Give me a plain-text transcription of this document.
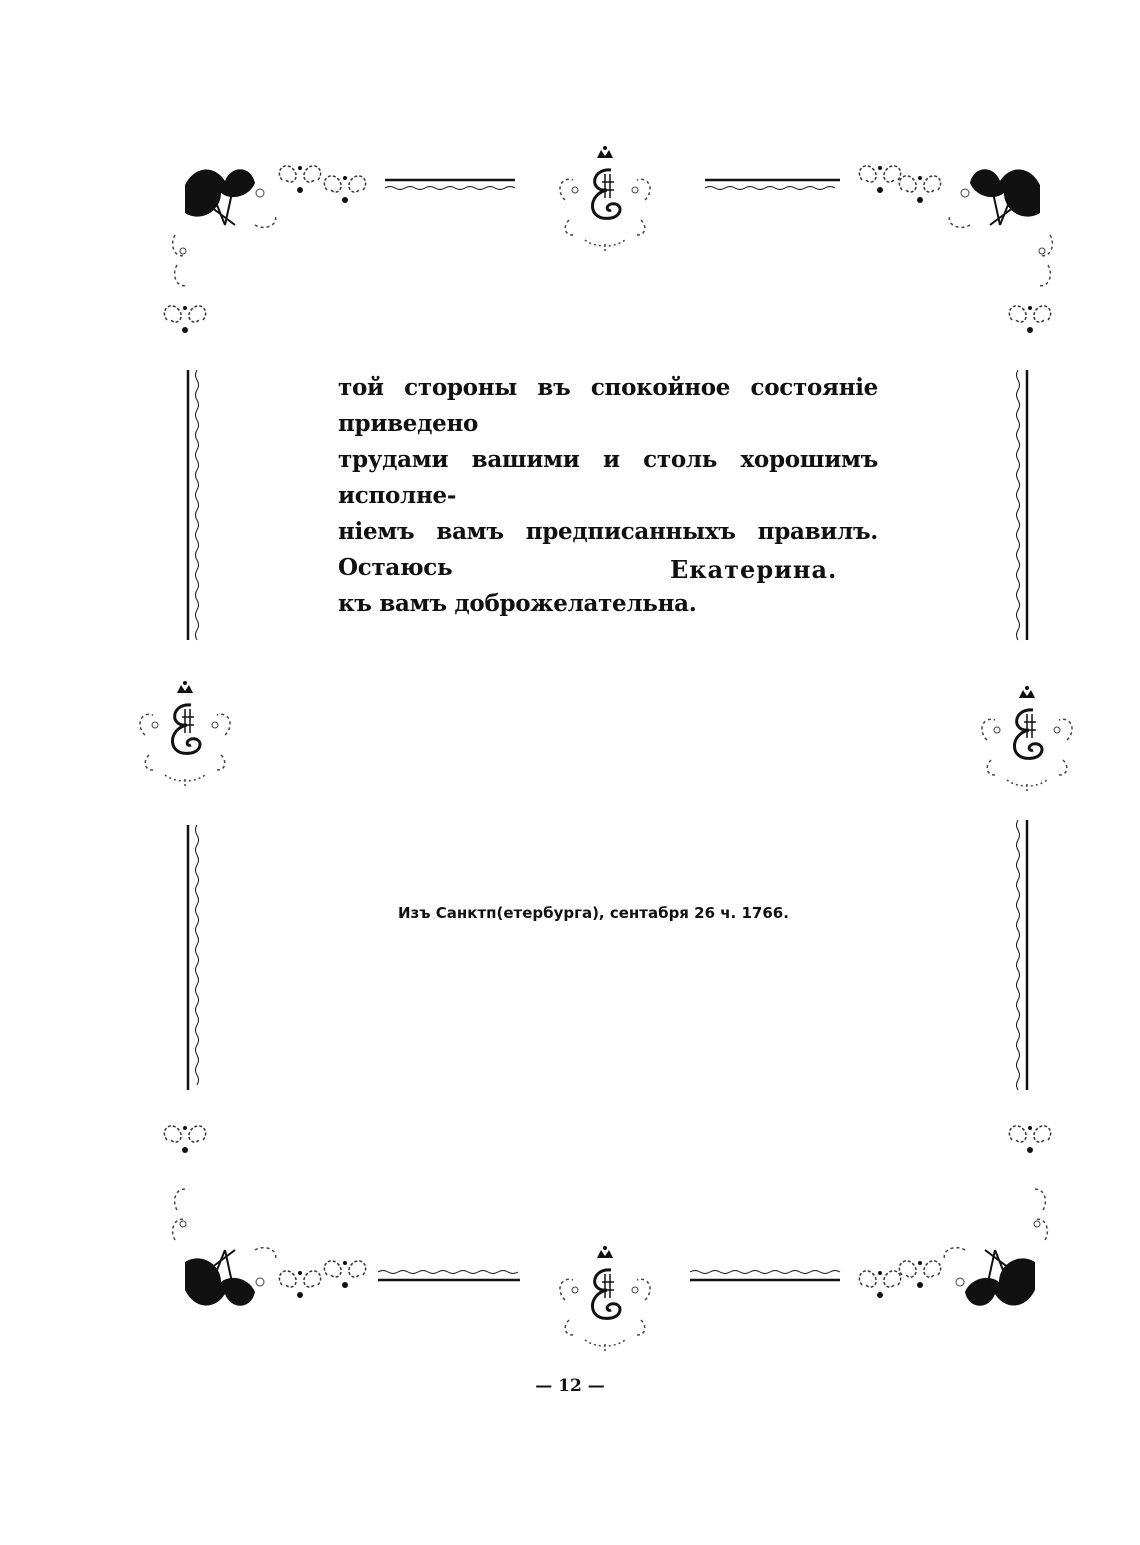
той стороны въ спокойное состояніе приведено
трудами вашими и столь хорошимъ исполне-
ніемъ вамъ предписанныхъ правилъ. Остаюсь
къ вамъ доброжелательна.
Екатерина.
Изъ Санктп(етербурга), сентабря 26 ч. 1766.
— 12 —
